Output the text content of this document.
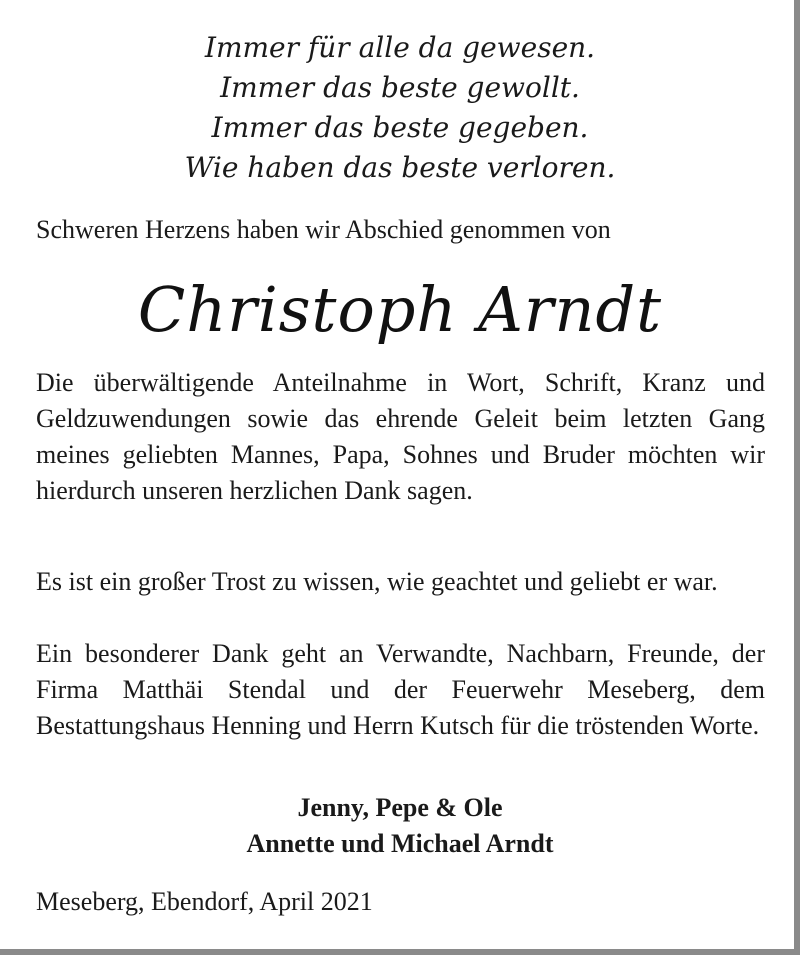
Immer für alle da gewesen.
Immer das beste gewollt.
Immer das beste gegeben.
Wie haben das beste verloren.
Schweren Herzens haben wir Abschied genommen von
Christoph Arndt
Die überwältigende Anteilnahme in Wort, Schrift, Kranz und Geldzuwendungen sowie das ehrende Geleit beim letzten Gang meines geliebten Mannes, Papa, Sohnes und Bruder möchten wir hierdurch unseren herzlichen Dank sagen.
Es ist ein großer Trost zu wissen, wie geachtet und geliebt er war.
Ein besonderer Dank geht an Verwandte, Nachbarn, Freunde, der Firma Matthäi Stendal und der Feuerwehr Meseberg, dem Bestattungshaus Henning und Herrn Kutsch für die tröstenden Worte.
Jenny, Pepe & Ole
Annette und Michael Arndt
Meseberg, Ebendorf, April 2021
